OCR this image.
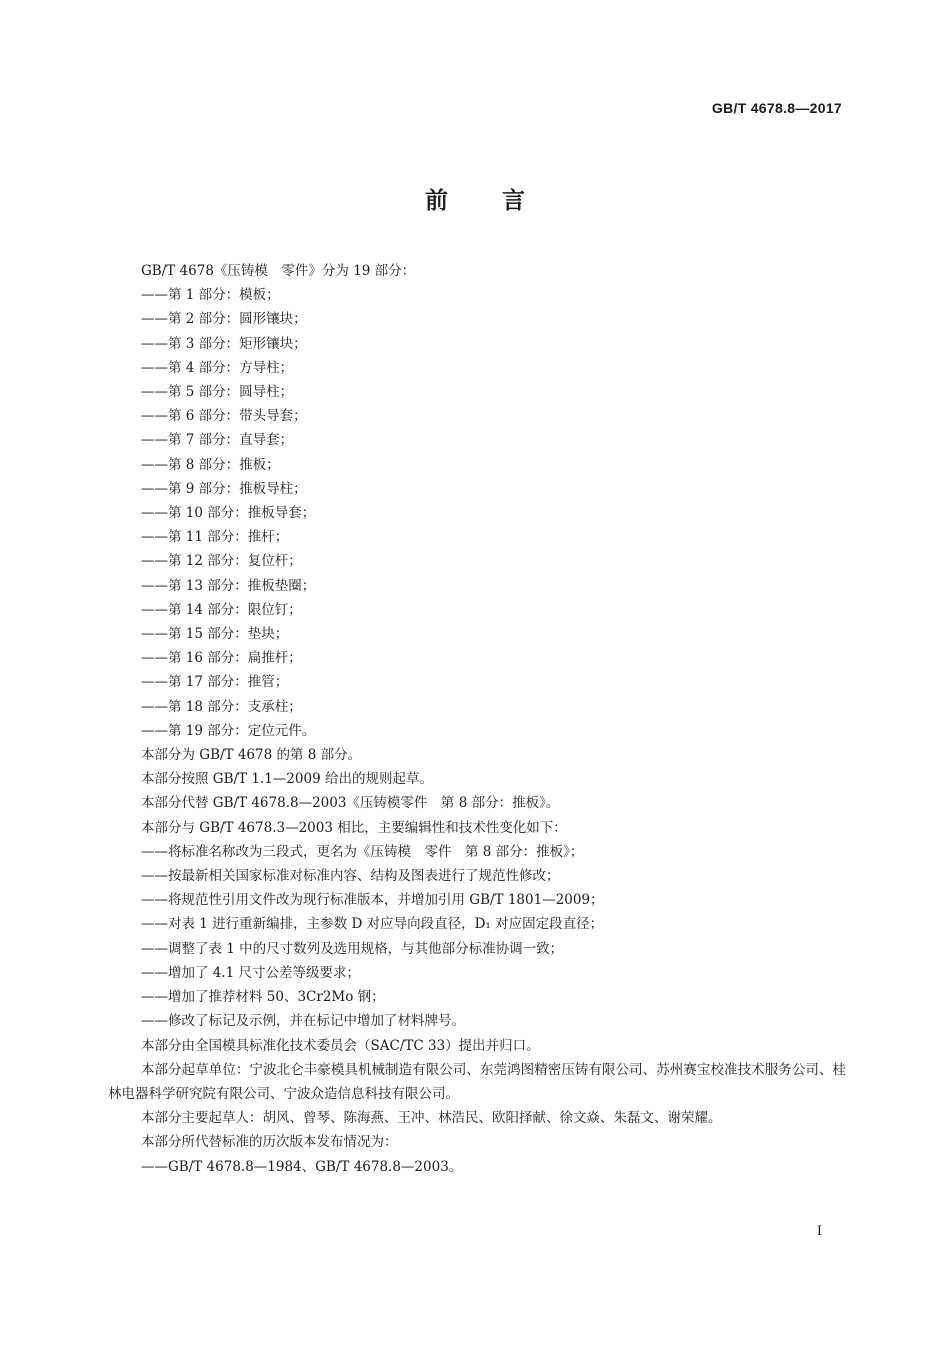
GB/T 4678.8—2017
前言

GB/T 4678《压铸模　零件》分为 19 部分：

——第 1 部分：模板；

——第 2 部分：圆形镶块；

——第 3 部分：矩形镶块；

——第 4 部分：方导柱；

——第 5 部分：圆导柱；

——第 6 部分：带头导套；

——第 7 部分：直导套；

——第 8 部分：推板；

——第 9 部分：推板导柱；

——第 10 部分：推板导套；

——第 11 部分：推杆；

——第 12 部分：复位杆；

——第 13 部分：推板垫圈；

——第 14 部分：限位钉；

——第 15 部分：垫块；

——第 16 部分：扁推杆；

——第 17 部分：推管；

——第 18 部分：支承柱；

——第 19 部分：定位元件。

本部分为 GB/T 4678 的第 8 部分。

本部分按照 GB/T 1.1—2009 给出的规则起草。

本部分代替 GB/T 4678.8—2003《压铸模零件　第 8 部分：推板》。

本部分与 GB/T 4678.3—2003 相比，主要编辑性和技术性变化如下：

——将标准名称改为三段式，更名为《压铸模　零件　第 8 部分：推板》；

——按最新相关国家标准对标准内容、结构及图表进行了规范性修改；

——将规范性引用文件改为现行标准版本，并增加引用 GB/T 1801—2009；

——对表 1 进行重新编排，主参数 D 对应导向段直径，D₁ 对应固定段直径；

——调整了表 1 中的尺寸数列及选用规格，与其他部分标准协调一致；

——增加了 4.1 尺寸公差等级要求；

——增加了推荐材料 50、3Cr2Mo 钢；

——修改了标记及示例，并在标记中增加了材料牌号。

本部分由全国模具标准化技术委员会（SAC/TC 33）提出并归口。

本部分起草单位：宁波北仑丰豪模具机械制造有限公司、东莞鸿图精密压铸有限公司、苏州赛宝校准技术服务公司、桂林电器科学研究院有限公司、宁波众造信息科技有限公司。

本部分主要起草人：胡风、曾琴、陈海燕、王冲、林浩民、欧阳择献、徐文焱、朱磊文、谢荣耀。

本部分所代替标准的历次版本发布情况为：

——GB/T 4678.8—1984、GB/T 4678.8—2003。

I
